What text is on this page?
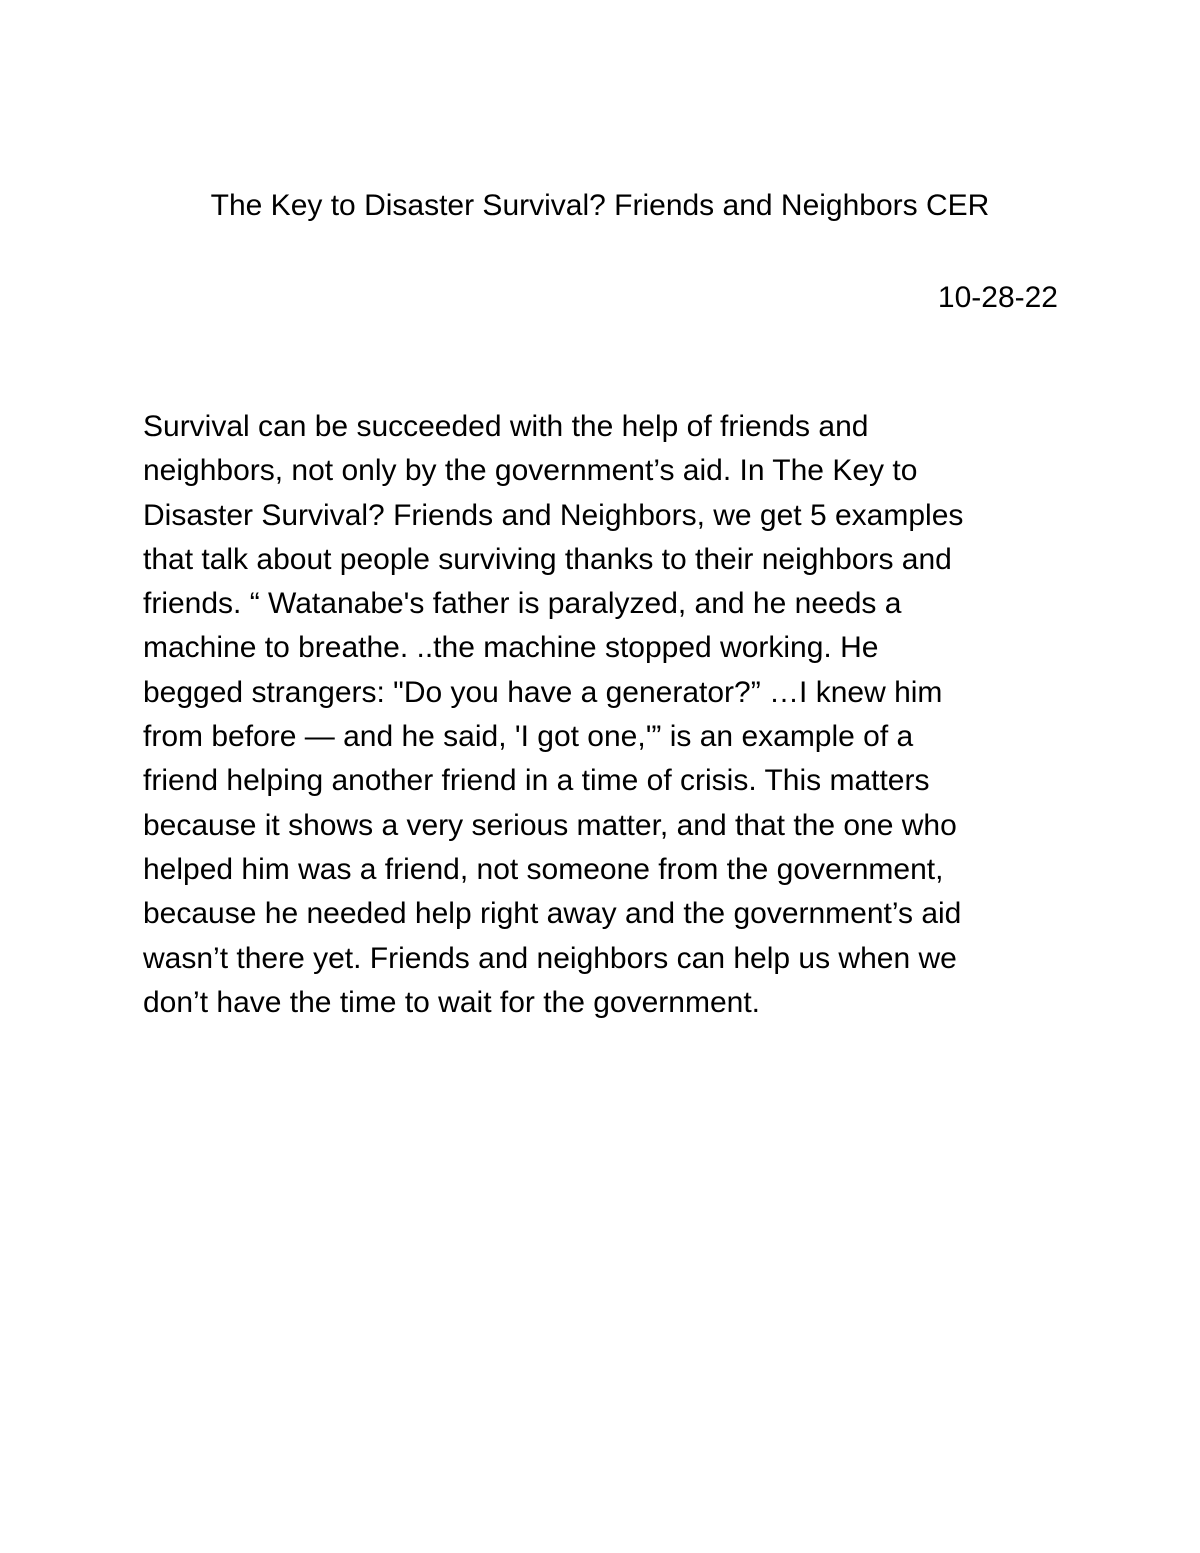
The Key to Disaster Survival? Friends and Neighbors CER
10-28-22

Survival can be succeeded with the help of friends and
neighbors, not only by the government’s aid. In The Key to
Disaster Survival? Friends and Neighbors, we get 5 examples
that talk about people surviving thanks to their neighbors and
friends. “ Watanabe's father is paralyzed, and he needs a
machine to breathe. ..the machine stopped working. He
begged strangers: "Do you have a generator?” …I knew him
from before — and he said, 'I got one,'” is an example of a
friend helping another friend in a time of crisis. This matters
because it shows a very serious matter, and that the one who
helped him was a friend, not someone from the government,
because he needed help right away and the government’s aid
wasn’t there yet. Friends and neighbors can help us when we
don’t have the time to wait for the government.
